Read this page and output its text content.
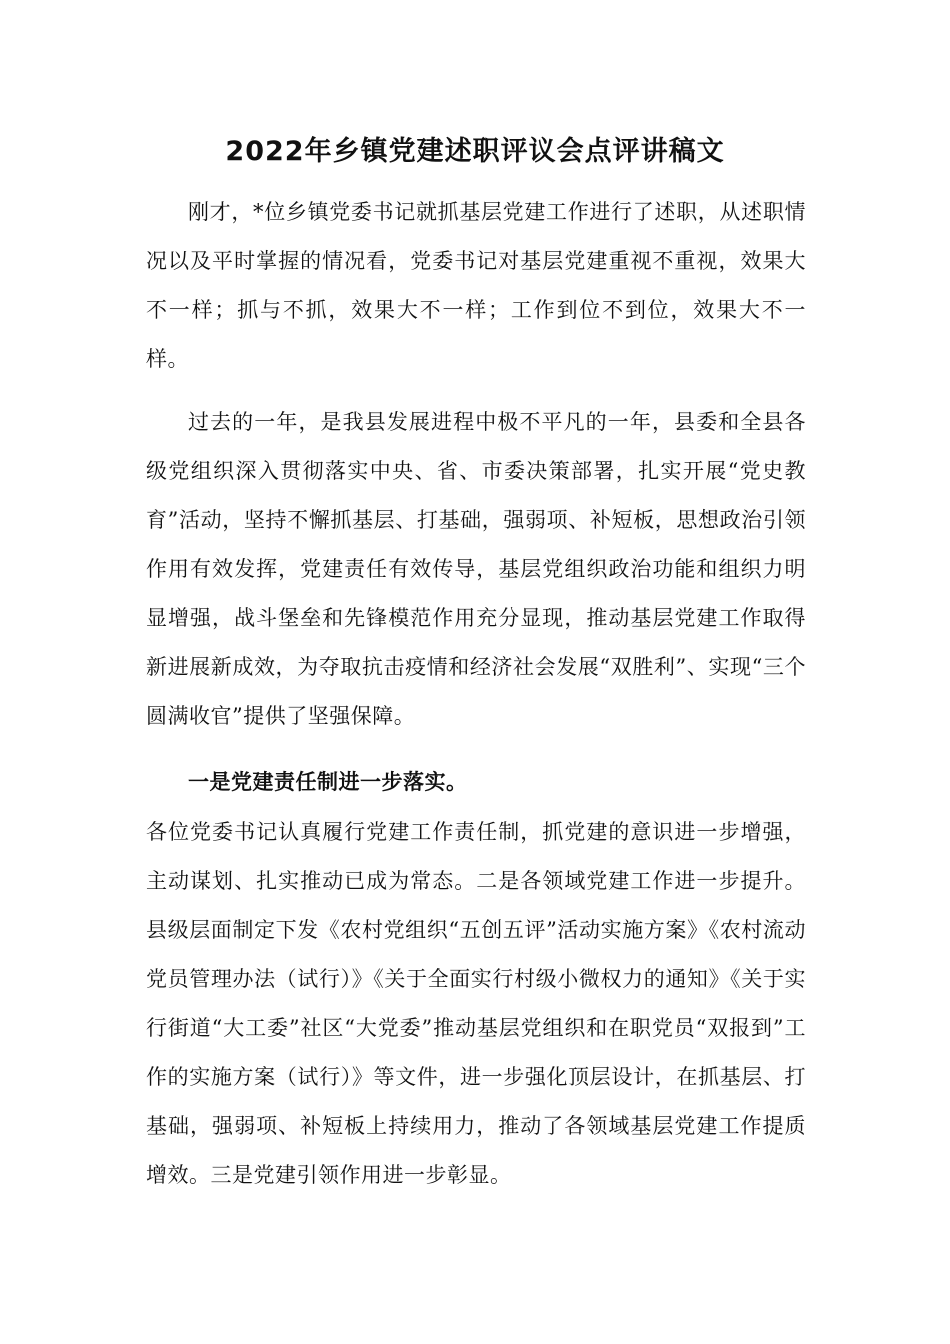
2022年乡镇党建述职评议会点评讲稿文

刚才，*位乡镇党委书记就抓基层党建工作进行了述职，从述职情况以及平时掌握的情况看，党委书记对基层党建重视不重视，效果大不一样；抓与不抓，效果大不一样；工作到位不到位，效果大不一样。

过去的一年，是我县发展进程中极不平凡的一年，县委和全县各级党组织深入贯彻落实中央、省、市委决策部署，扎实开展“党史教育”活动，坚持不懈抓基层、打基础，强弱项、补短板，思想政治引领作用有效发挥，党建责任有效传导，基层党组织政治功能和组织力明显增强，战斗堡垒和先锋模范作用充分显现，推动基层党建工作取得新进展新成效，为夺取抗击疫情和经济社会发展“双胜利”、实现“三个圆满收官”提供了坚强保障。

一是党建责任制进一步落实。

各位党委书记认真履行党建工作责任制，抓党建的意识进一步增强，主动谋划、扎实推动已成为常态。二是各领域党建工作进一步提升。县级层面制定下发《农村党组织“五创五评”活动实施方案》《农村流动党员管理办法（试行）》《关于全面实行村级小微权力的通知》《关于实行街道“大工委”社区“大党委”推动基层党组织和在职党员“双报到”工作的实施方案（试行）》等文件，进一步强化顶层设计，在抓基层、打基础，强弱项、补短板上持续用力，推动了各领域基层党建工作提质增效。三是党建引领作用进一步彰显。
